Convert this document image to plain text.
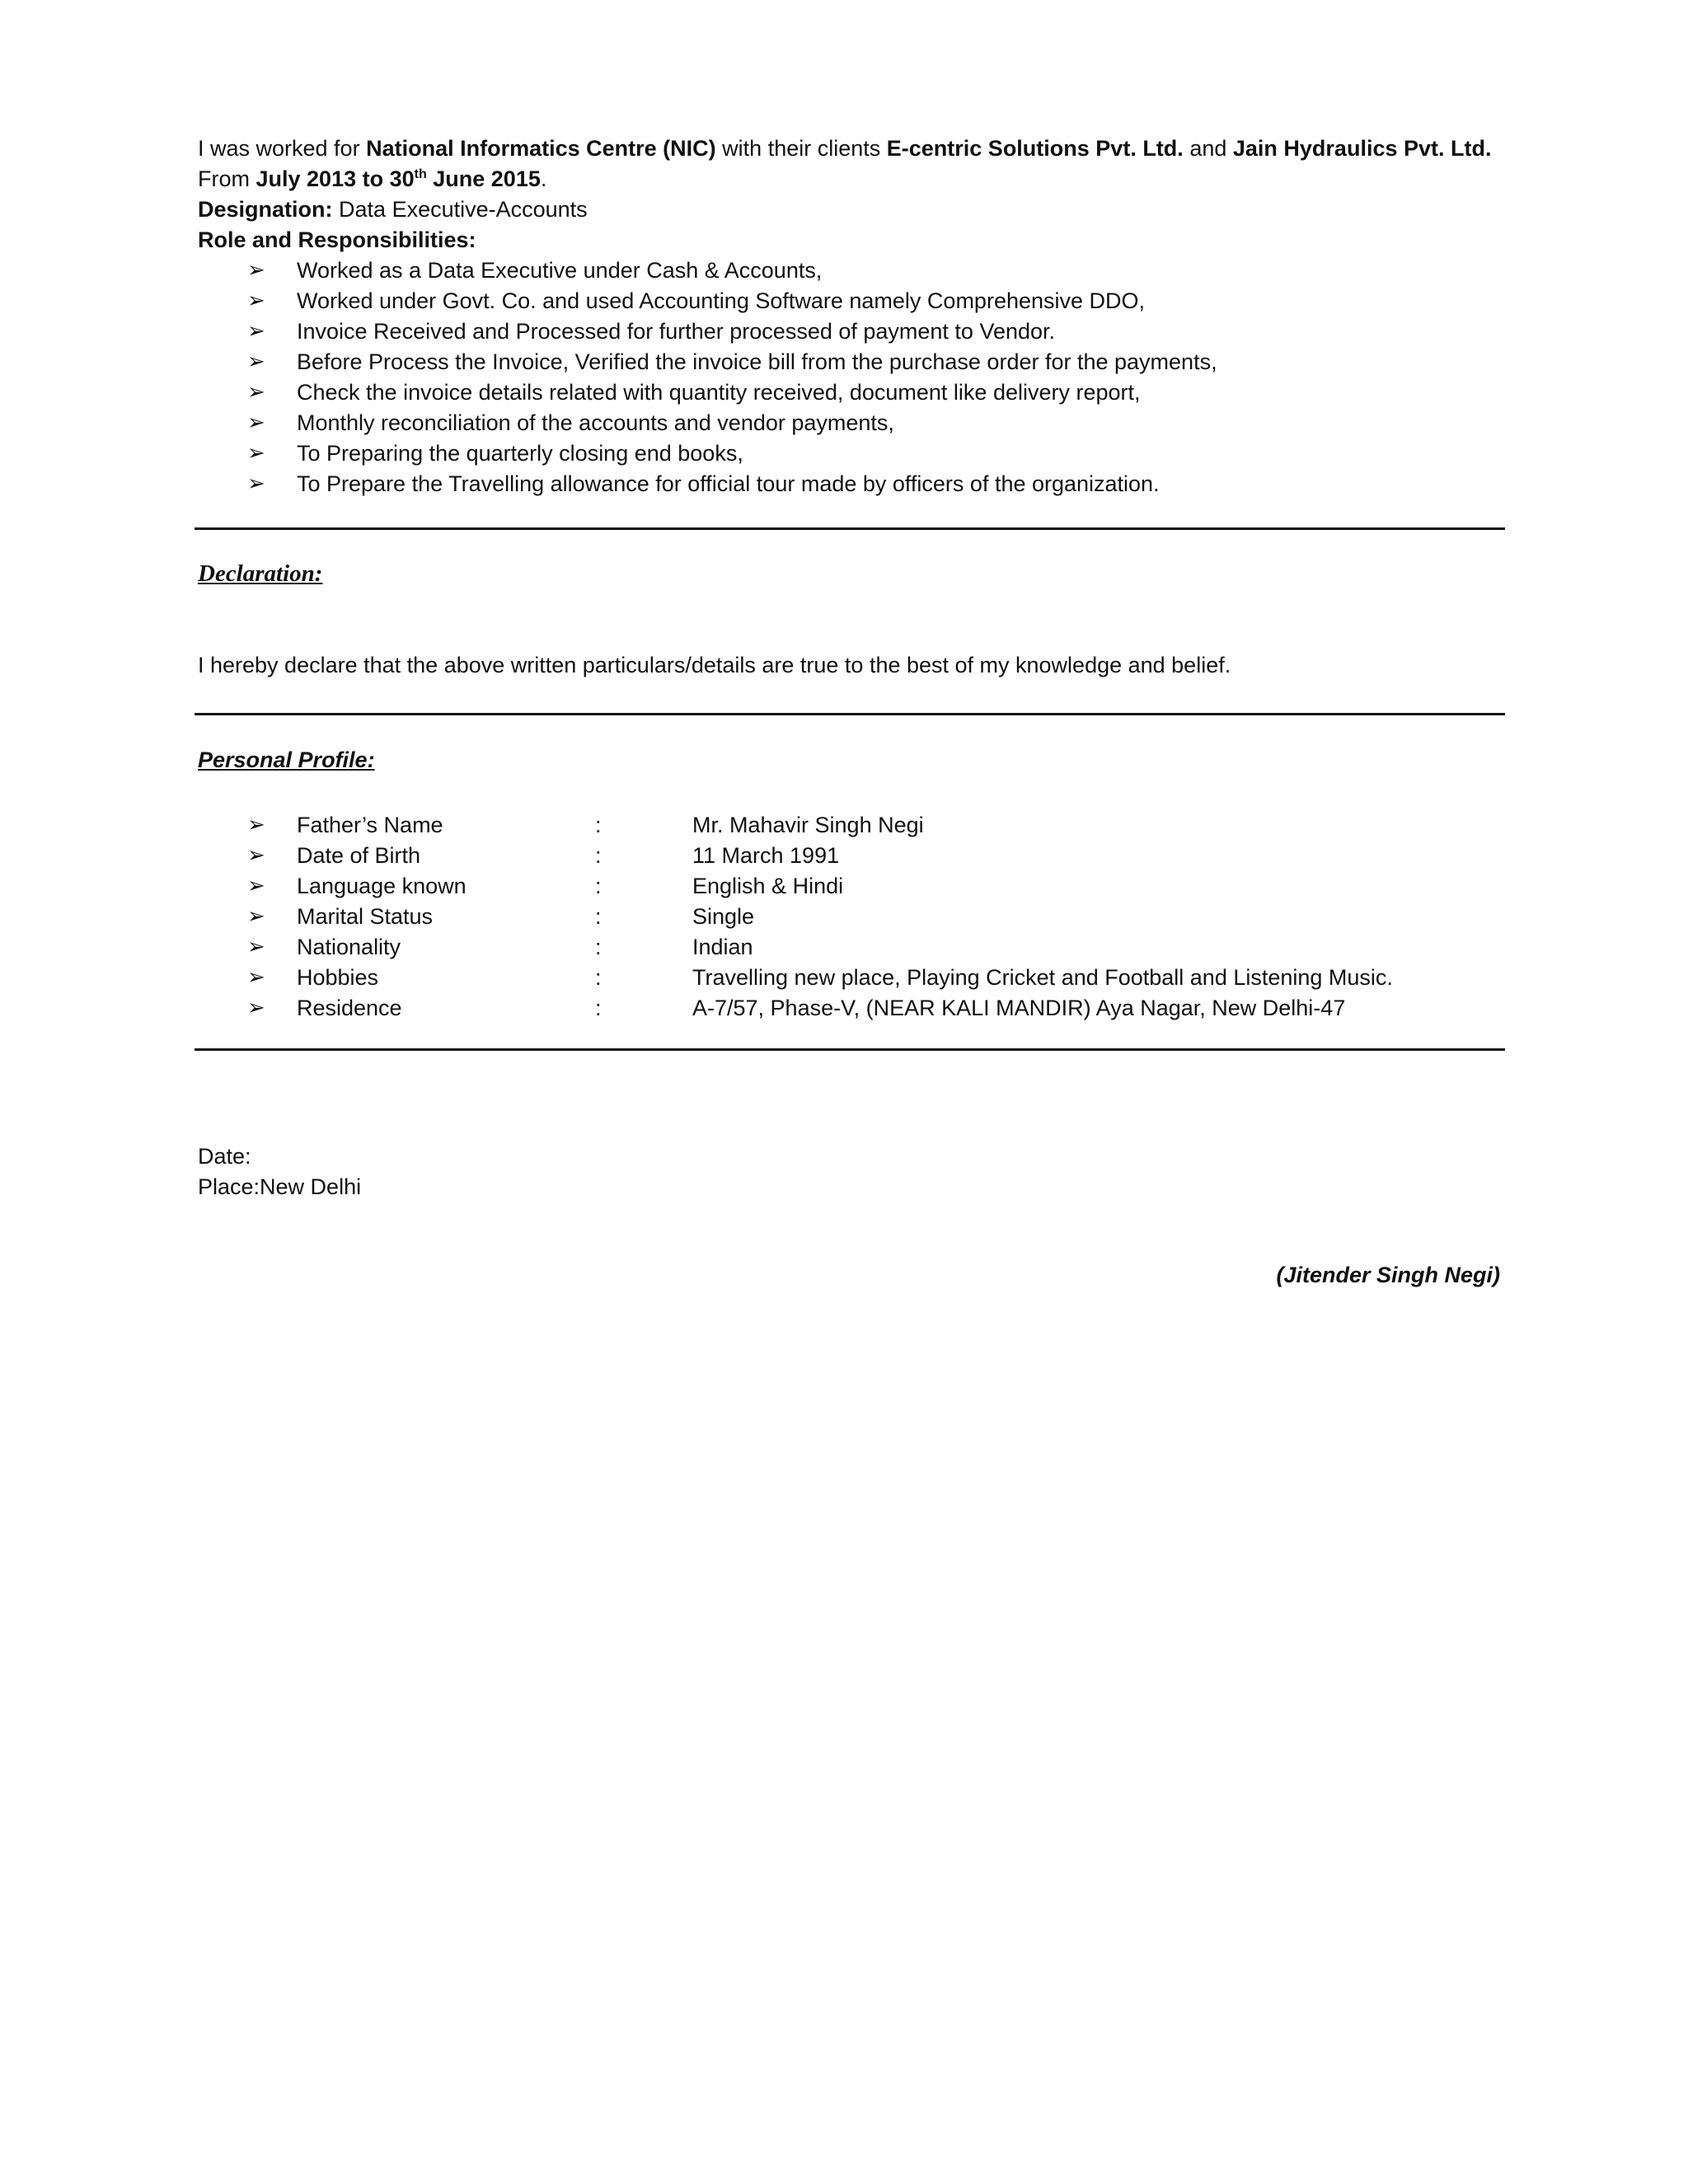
I was worked for National Informatics Centre (NIC) with their clients E-centric Solutions Pvt. Ltd. and Jain Hydraulics Pvt. Ltd.
From July 2013 to 30th June 2015.
Designation: Data Executive-Accounts
Role and Responsibilities:
➢	Worked as a Data Executive under Cash & Accounts,
➢	Worked under Govt. Co. and used Accounting Software namely Comprehensive DDO,
➢	Invoice Received and Processed for further processed of payment to Vendor.
➢	Before Process the Invoice, Verified the invoice bill from the purchase order for the payments,
➢	Check the invoice details related with quantity received, document like delivery report,
➢	Monthly reconciliation of the accounts and vendor payments,
➢	To Preparing the quarterly closing end books,
➢	To Prepare the Travelling allowance for official tour made by officers of the organization.
Declaration:
I hereby declare that the above written particulars/details are true to the best of my knowledge and belief.
Personal Profile:
➢	Father’s Name	:	Mr. Mahavir Singh Negi
➢	Date of Birth	:	11 March 1991
➢	Language known	:	English & Hindi
➢	Marital Status	:	Single
➢	Nationality	:	Indian
➢	Hobbies	:	Travelling new place, Playing Cricket and Football and Listening Music.
➢	Residence	:	A-7/57, Phase-V, (NEAR KALI MANDIR) Aya Nagar, New Delhi-47
Date:
Place:New Delhi
(Jitender Singh Negi)
